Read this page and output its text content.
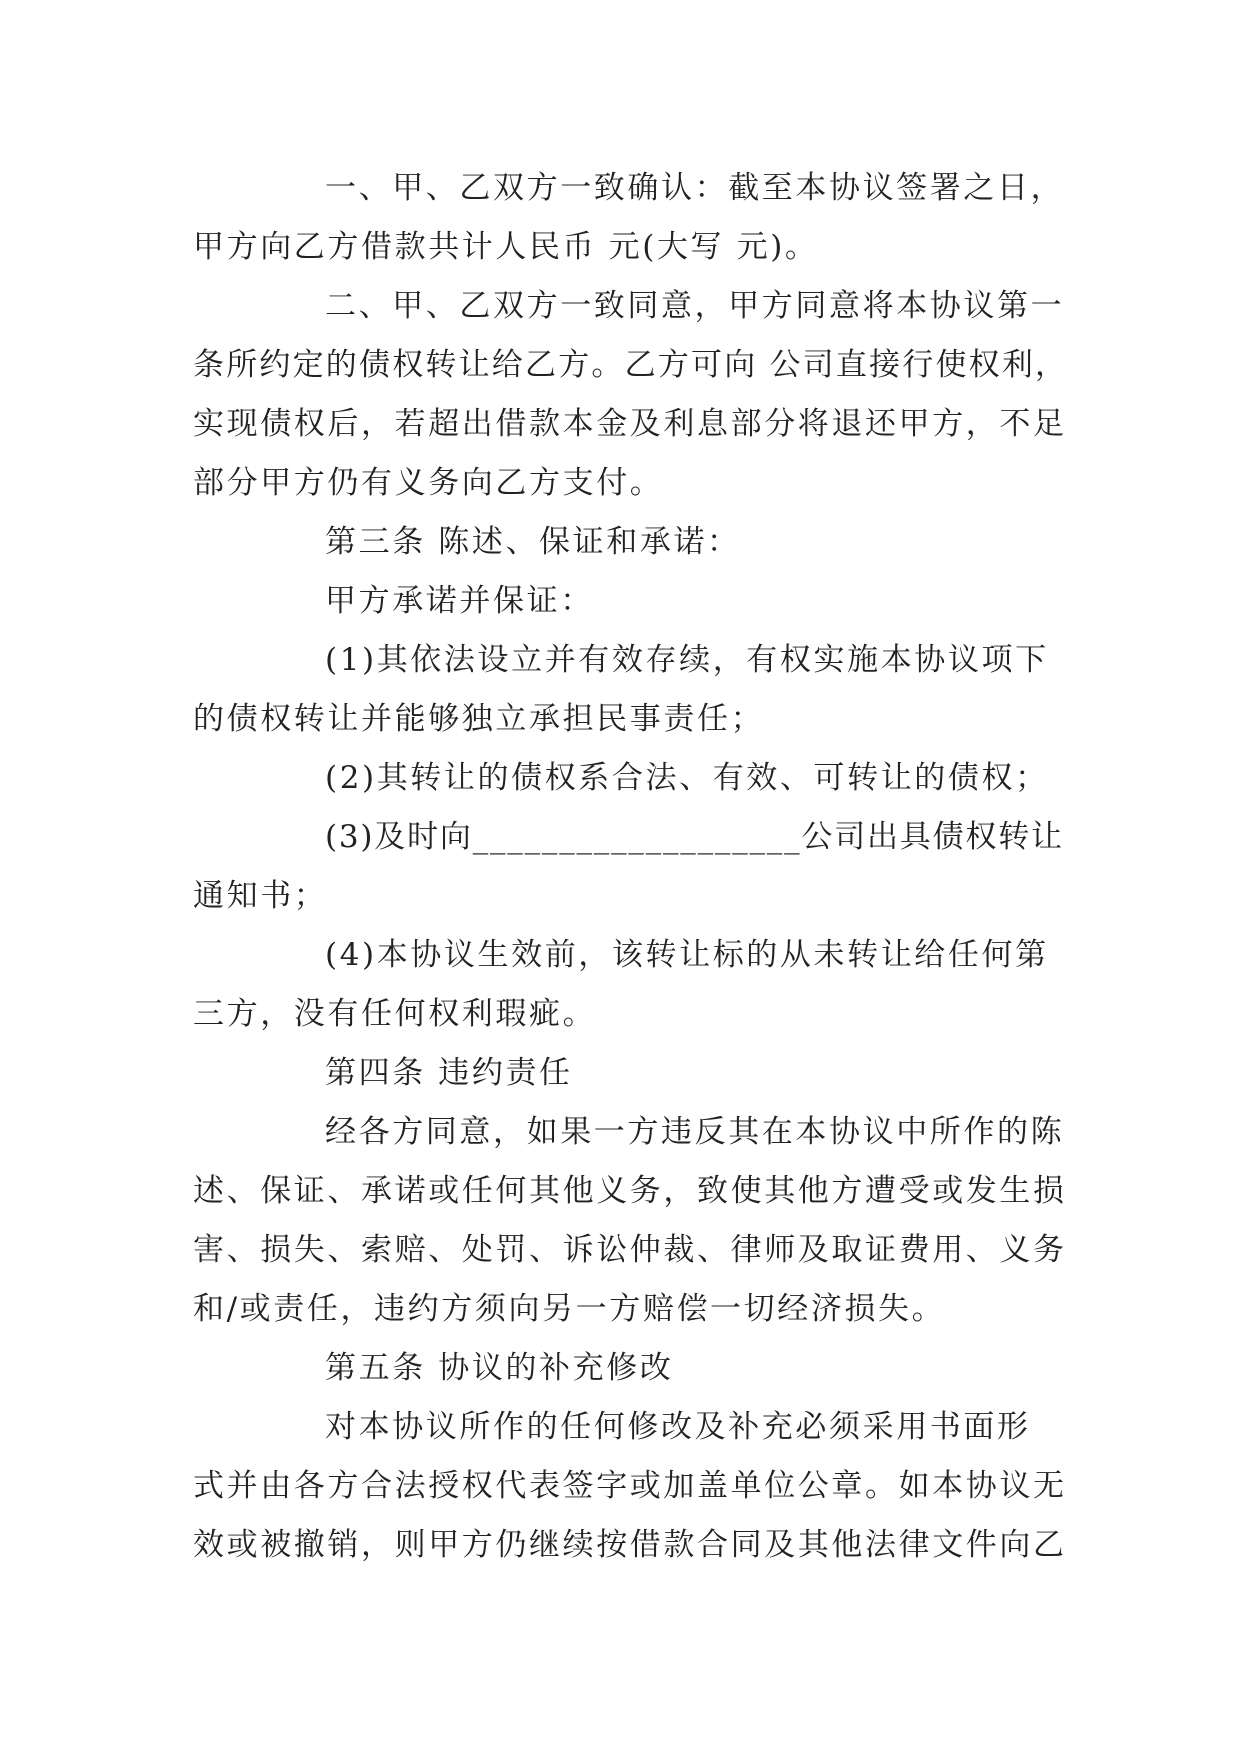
一、甲、乙双方一致确认：截至本协议签署之日，
甲方向乙方借款共计人民币 元(大写 元)。
二、甲、乙双方一致同意，甲方同意将本协议第一
条所约定的债权转让给乙方。乙方可向 公司直接行使权利，
实现债权后，若超出借款本金及利息部分将退还甲方，不足
部分甲方仍有义务向乙方支付。
第三条 陈述、保证和承诺：
甲方承诺并保证：
(1)其依法设立并有效存续，有权实施本协议项下
的债权转让并能够独立承担民事责任；
(2)其转让的债权系合法、有效、可转让的债权；
(3)及时向___________________公司出具债权转让
通知书；
(4)本协议生效前，该转让标的从未转让给任何第
三方，没有任何权利瑕疵。
第四条 违约责任
经各方同意，如果一方违反其在本协议中所作的陈
述、保证、承诺或任何其他义务，致使其他方遭受或发生损
害、损失、索赔、处罚、诉讼仲裁、律师及取证费用、义务
和/或责任，违约方须向另一方赔偿一切经济损失。
第五条 协议的补充修改
对本协议所作的任何修改及补充必须采用书面形
式并由各方合法授权代表签字或加盖单位公章。如本协议无
效或被撤销，则甲方仍继续按借款合同及其他法律文件向乙
